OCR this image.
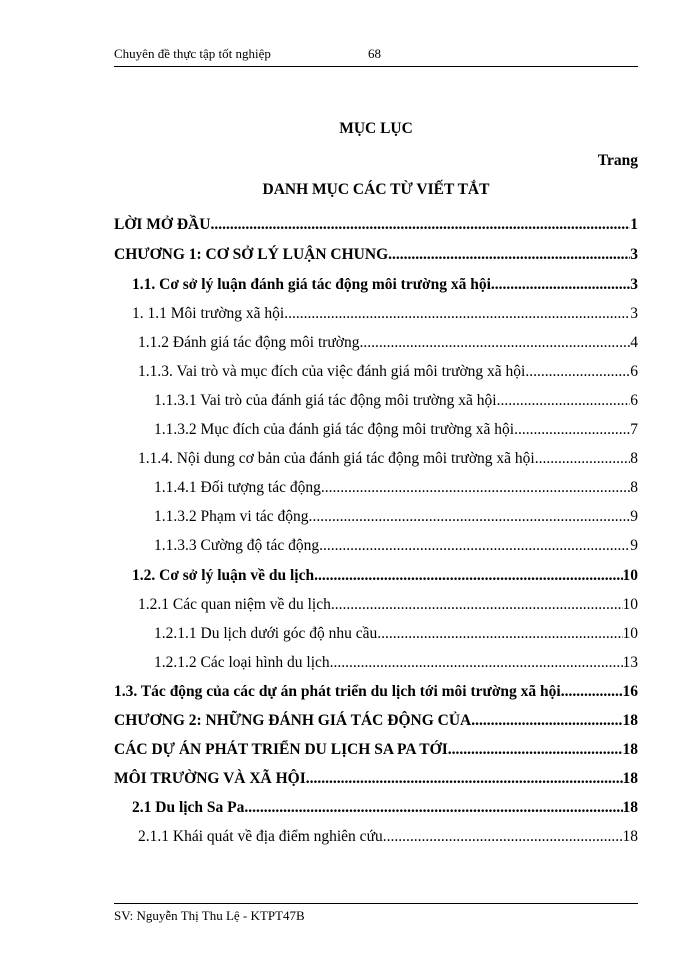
Chuyên đề thực tập tốt nghiệp	68
MỤC LỤC
Trang
DANH MỤC CÁC TỪ VIẾT TẮT
LỜI MỞ ĐẦU .....	1
CHƯƠNG 1: CƠ SỞ LÝ LUẬN CHUNG .....	3
1.1. Cơ sở lý luận đánh giá tác động môi trường xã hội. .....	3
1. 1.1 Môi trường xã hội. .....	3
1.1.2 Đánh giá tác động môi trường .....	4
1.1.3. Vai trò và mục đích của việc đánh giá môi trường xã hội. .....	6
1.1.3.1 Vai trò của đánh giá tác động môi trường xã hội. .....	6
1.1.3.2 Mục đích của đánh giá tác động môi trường xã hội. .....	7
1.1.4. Nội dung cơ bản của đánh giá tác động môi trường xã hội. .....	8
1.1.4.1 Đối tượng tác động. .....	8
1.1.3.2 Phạm vi tác động. .....	9
1.1.3.3 Cường độ tác động .....	9
1.2. Cơ sở lý luận về du lịch .....	10
1.2.1 Các quan niệm về du lịch. .....	10
1.2.1.1 Du lịch dưới góc độ nhu cầu. .....	10
1.2.1.2 Các loại hình du lịch. .....	13
1.3. Tác động của các dự án phát triển du lịch tới môi trường xã hội. .....	16
CHƯƠNG 2: NHỮNG ĐÁNH GIÁ TÁC ĐỘNG CỦA .....	18
CÁC DỰ ÁN PHÁT TRIỂN DU LỊCH SA PA TỚI .....	18
MÔI TRƯỜNG VÀ XÃ HỘI .....	18
2.1 Du lịch Sa Pa .....	18
2.1.1 Khái quát về địa điểm nghiên cứu .....	18
SV: Nguyễn Thị Thu Lệ - KTPT47B
